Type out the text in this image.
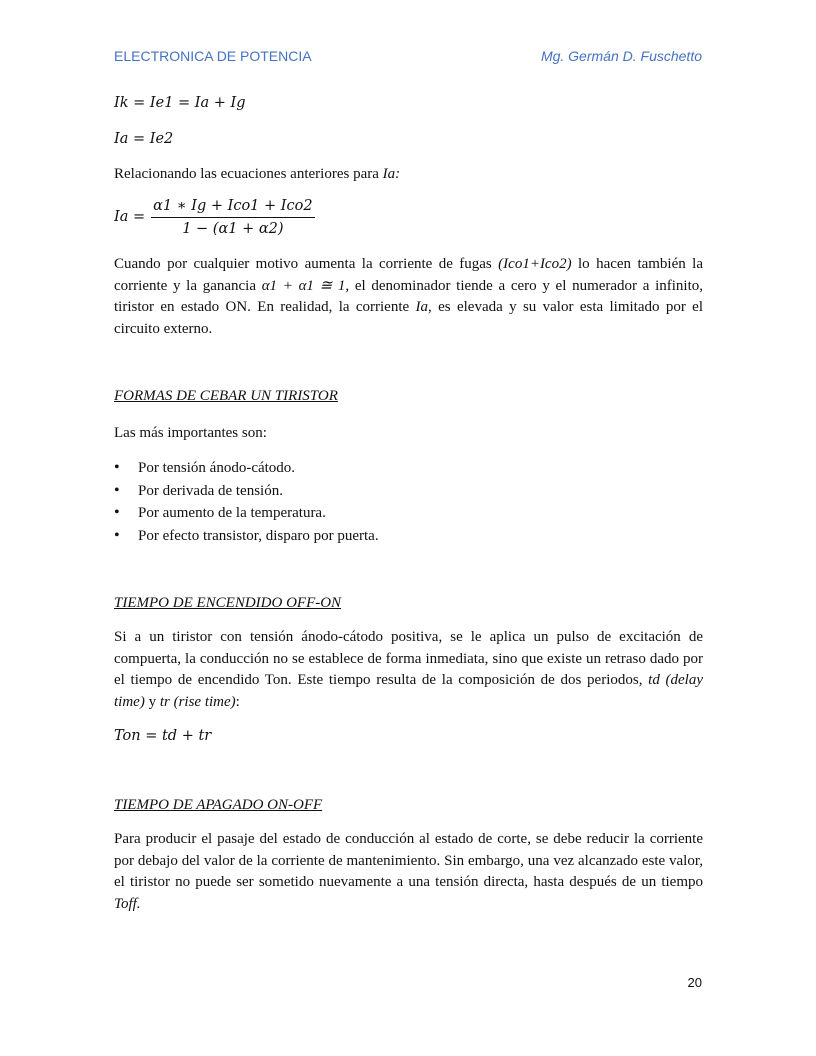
ELECTRONICA DE POTENCIA	Mg. Germán D. Fuschetto
Ik = Ie1 = Ia + Ig
Ia = Ie2
Relacionando las ecuaciones anteriores para Ia:
$Ia = \frac{\text{α1 ∗ Ig + Ico1 + Ico2}}{1 - (\alpha 1 + \alpha 2)}$
Cuando por cualquier motivo aumenta la corriente de fugas (Ico1+Ico2) lo hacen también la corriente y la ganancia α1 + α1 ≅ 1, el denominador tiende a cero y el numerador a infinito, tiristor en estado ON. En realidad, la corriente Ia, es elevada y su valor esta limitado por el circuito externo.
FORMAS DE CEBAR UN TIRISTOR
Las más importantes son:
• Por tensión ánodo-cátodo.
• Por derivada de tensión.
• Por aumento de la temperatura.
• Por efecto transistor, disparo por puerta.
TIEMPO DE ENCENDIDO OFF-ON
Si a un tiristor con tensión ánodo-cátodo positiva, se le aplica un pulso de excitación de compuerta, la conducción no se establece de forma inmediata, sino que existe un retraso dado por el tiempo de encendido Ton. Este tiempo resulta de la composición de dos periodos, td (delay time) y tr (rise time):
Ton = td + tr
TIEMPO DE APAGADO ON-OFF
Para producir el pasaje del estado de conducción al estado de corte, se debe reducir la corriente por debajo del valor de la corriente de mantenimiento. Sin embargo, una vez alcanzado este valor, el tiristor no puede ser sometido nuevamente a una tensión directa, hasta después de un tiempo Toff.
20
